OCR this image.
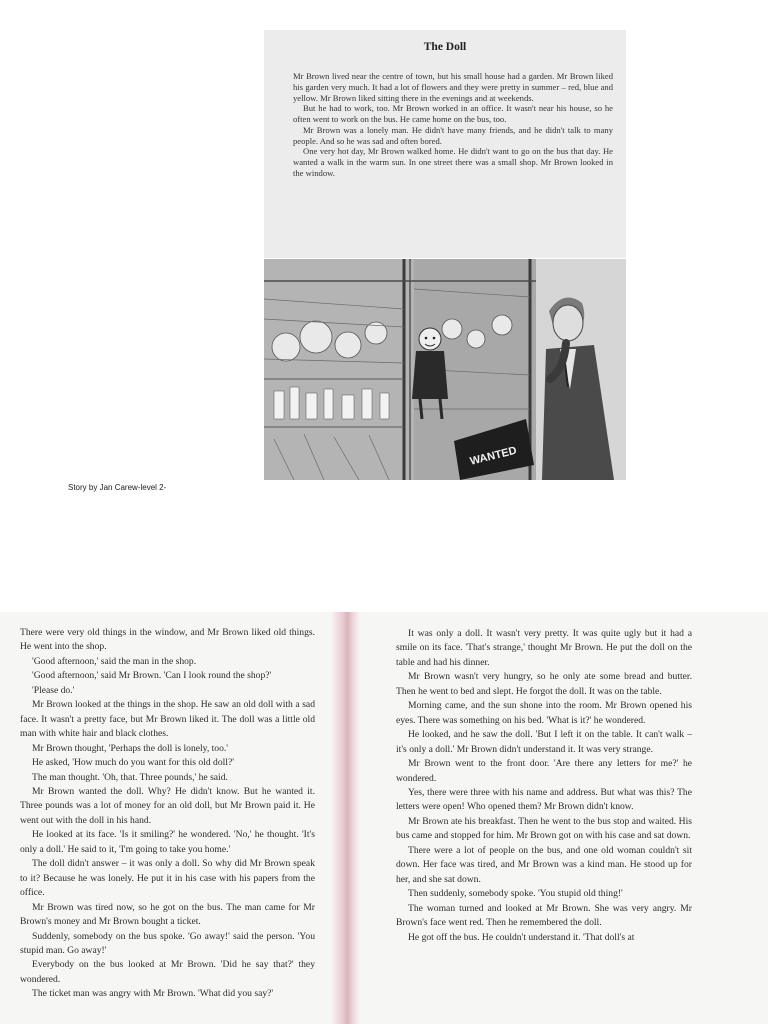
The Doll

Mr Brown lived near the centre of town, but his small house had a garden. Mr Brown liked his garden very much. It had a lot of flowers and they were pretty in summer – red, blue and yellow. Mr Brown liked sitting there in the evenings and at weekends.

But he had to work, too. Mr Brown worked in an office. It wasn't near his house, so he often went to work on the bus. He came home on the bus, too.

Mr Brown was a lonely man. He didn't have many friends, and he didn't talk to many people. And so he was sad and often bored.

One very hot day, Mr Brown walked home. He didn't want to go on the bus that day. He wanted a walk in the warm sun. In one street there was a small shop. Mr Brown looked in the window.

WANTED
Story by Jan Carew-level 2-

There were very old things in the window, and Mr Brown liked old things. He went into the shop.

'Good afternoon,' said the man in the shop.

'Good afternoon,' said Mr Brown. 'Can I look round the shop?'

'Please do.'

Mr Brown looked at the things in the shop. He saw an old doll with a sad face. It wasn't a pretty face, but Mr Brown liked it. The doll was a little old man with white hair and black clothes.

Mr Brown thought, 'Perhaps the doll is lonely, too.'

He asked, 'How much do you want for this old doll?'

The man thought. 'Oh, that. Three pounds,' he said.

Mr Brown wanted the doll. Why? He didn't know. But he wanted it. Three pounds was a lot of money for an old doll, but Mr Brown paid it. He went out with the doll in his hand.

He looked at its face. 'Is it smiling?' he wondered. 'No,' he thought. 'It's only a doll.' He said to it, 'I'm going to take you home.'

The doll didn't answer – it was only a doll. So why did Mr Brown speak to it? Because he was lonely. He put it in his case with his papers from the office.

Mr Brown was tired now, so he got on the bus. The man came for Mr Brown's money and Mr Brown bought a ticket.

Suddenly, somebody on the bus spoke. 'Go away!' said the person. 'You stupid man. Go away!'

Everybody on the bus looked at Mr Brown. 'Did he say that?' they wondered.

The ticket man was angry with Mr Brown. 'What did you say?'

It was only a doll. It wasn't very pretty. It was quite ugly but it had a smile on its face. 'That's strange,' thought Mr Brown. He put the doll on the table and had his dinner.

Mr Brown wasn't very hungry, so he only ate some bread and butter. Then he went to bed and slept. He forgot the doll. It was on the table.

Morning came, and the sun shone into the room. Mr Brown opened his eyes. There was something on his bed. 'What is it?' he wondered.

He looked, and he saw the doll. 'But I left it on the table. It can't walk – it's only a doll.' Mr Brown didn't understand it. It was very strange.

Mr Brown went to the front door. 'Are there any letters for me?' he wondered.

Yes, there were three with his name and address. But what was this? The letters were open! Who opened them? Mr Brown didn't know.

Mr Brown ate his breakfast. Then he went to the bus stop and waited. His bus came and stopped for him. Mr Brown got on with his case and sat down.

There were a lot of people on the bus, and one old woman couldn't sit down. Her face was tired, and Mr Brown was a kind man. He stood up for her, and she sat down.

Then suddenly, somebody spoke. 'You stupid old thing!'

The woman turned and looked at Mr Brown. She was very angry. Mr Brown's face went red. Then he remembered the doll.

He got off the bus. He couldn't understand it. 'That doll's at
